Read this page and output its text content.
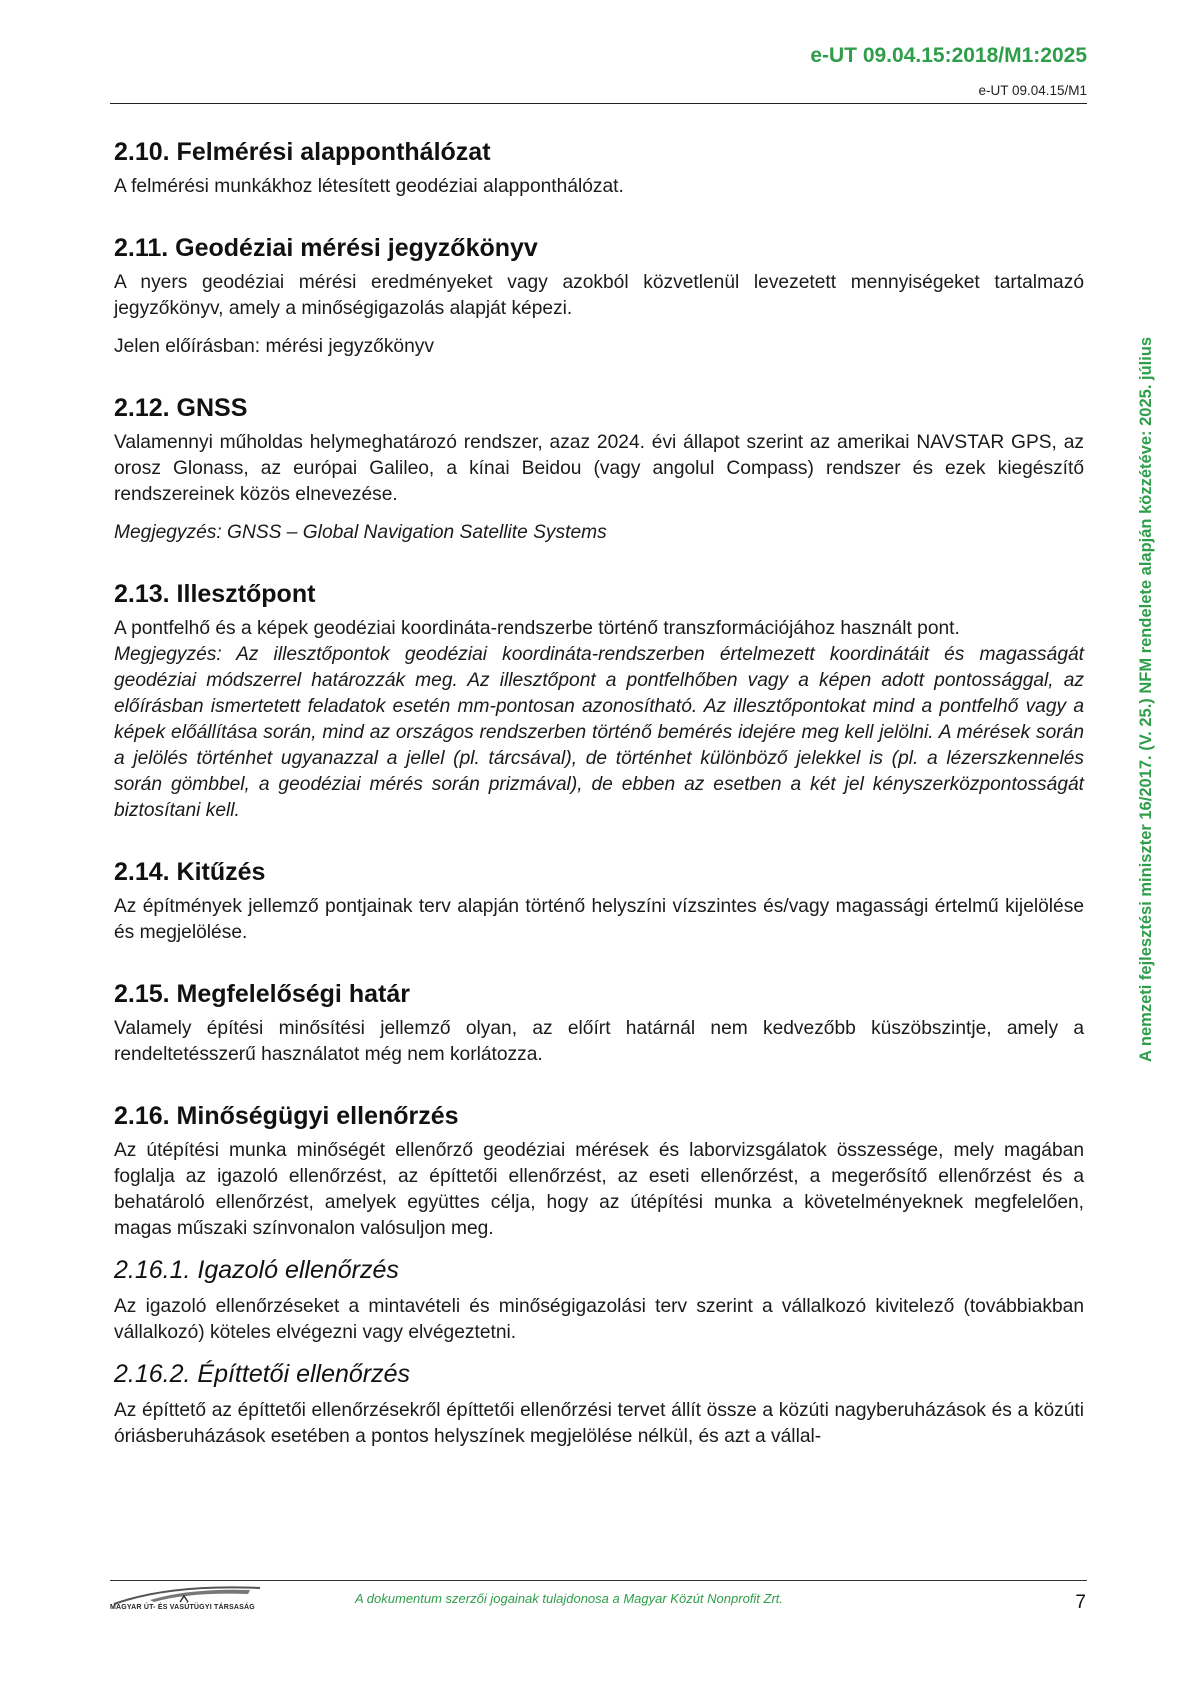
e-UT 09.04.15:2018/M1:2025
e-UT 09.04.15/M1
A nemzeti fejlesztési miniszter 16/2017. (V. 25.) NFM rendelete alapján közzétéve: 2025. július
2.10. Felmérési alapponthálózat

A felmérési munkákhoz létesített geodéziai alapponthálózat.

2.11. Geodéziai mérési jegyzőkönyv

A nyers geodéziai mérési eredményeket vagy azokból közvetlenül levezetett mennyiségeket tartalmazó jegyzőkönyv, amely a minőségigazolás alapját képezi.

Jelen előírásban: mérési jegyzőkönyv

2.12. GNSS

Valamennyi műholdas helymeghatározó rendszer, azaz 2024. évi állapot szerint az amerikai NAVSTAR GPS, az orosz Glonass, az európai Galileo, a kínai Beidou (vagy angolul Compass) rendszer és ezek kiegészítő rendszereinek közös elnevezése.

Megjegyzés: GNSS – Global Navigation Satellite Systems

2.13. Illesztőpont

A pontfelhő és a képek geodéziai koordináta-rendszerbe történő transzformációjához használt pont.

Megjegyzés: Az illesztőpontok geodéziai koordináta-rendszerben értelmezett koordinátáit és magasságát geodéziai módszerrel határozzák meg. Az illesztőpont a pontfelhőben vagy a képen adott pontossággal, az előírásban ismertetett feladatok esetén mm-pontosan azonosítható. Az illesztőpontokat mind a pontfelhő vagy a képek előállítása során, mind az országos rendszerben történő bemérés idejére meg kell jelölni. A mérések során a jelölés történhet ugyanazzal a jellel (pl. tárcsával), de történhet különböző jelekkel is (pl. a lézerszkennelés során gömbbel, a geodéziai mérés során prizmával), de ebben az esetben a két jel kényszerközpontosságát biztosítani kell.

2.14. Kitűzés

Az építmények jellemző pontjainak terv alapján történő helyszíni vízszintes és/vagy magassági értelmű kijelölése és megjelölése.

2.15. Megfelelőségi határ

Valamely építési minősítési jellemző olyan, az előírt határnál nem kedvezőbb küszöbszintje, amely a rendeltetésszerű használatot még nem korlátozza.

2.16. Minőségügyi ellenőrzés

Az útépítési munka minőségét ellenőrző geodéziai mérések és laborvizsgálatok összessége, mely magában foglalja az igazoló ellenőrzést, az építtetői ellenőrzést, az eseti ellenőrzést, a megerősítő ellenőrzést és a behatároló ellenőrzést, amelyek együttes célja, hogy az útépítési munka a követelményeknek megfelelően, magas műszaki színvonalon valósuljon meg.

2.16.1. Igazoló ellenőrzés

Az igazoló ellenőrzéseket a mintavételi és minőségigazolási terv szerint a vállalkozó kivitelező (továbbiakban vállalkozó) köteles elvégezni vagy elvégeztetni.

2.16.2. Építtetői ellenőrzés

Az építtető az építtetői ellenőrzésekről építtetői ellenőrzési tervet állít össze a közúti nagyberuházások és a közúti óriásberuházások esetében a pontos helyszínek megjelölése nélkül, és azt a vállal-

MAGYAR ÚT- ÉS VASÚTÜGYI TÁRSASÁG
A dokumentum szerzői jogainak tulajdonosa a Magyar Közút Nonprofit Zrt.	7
